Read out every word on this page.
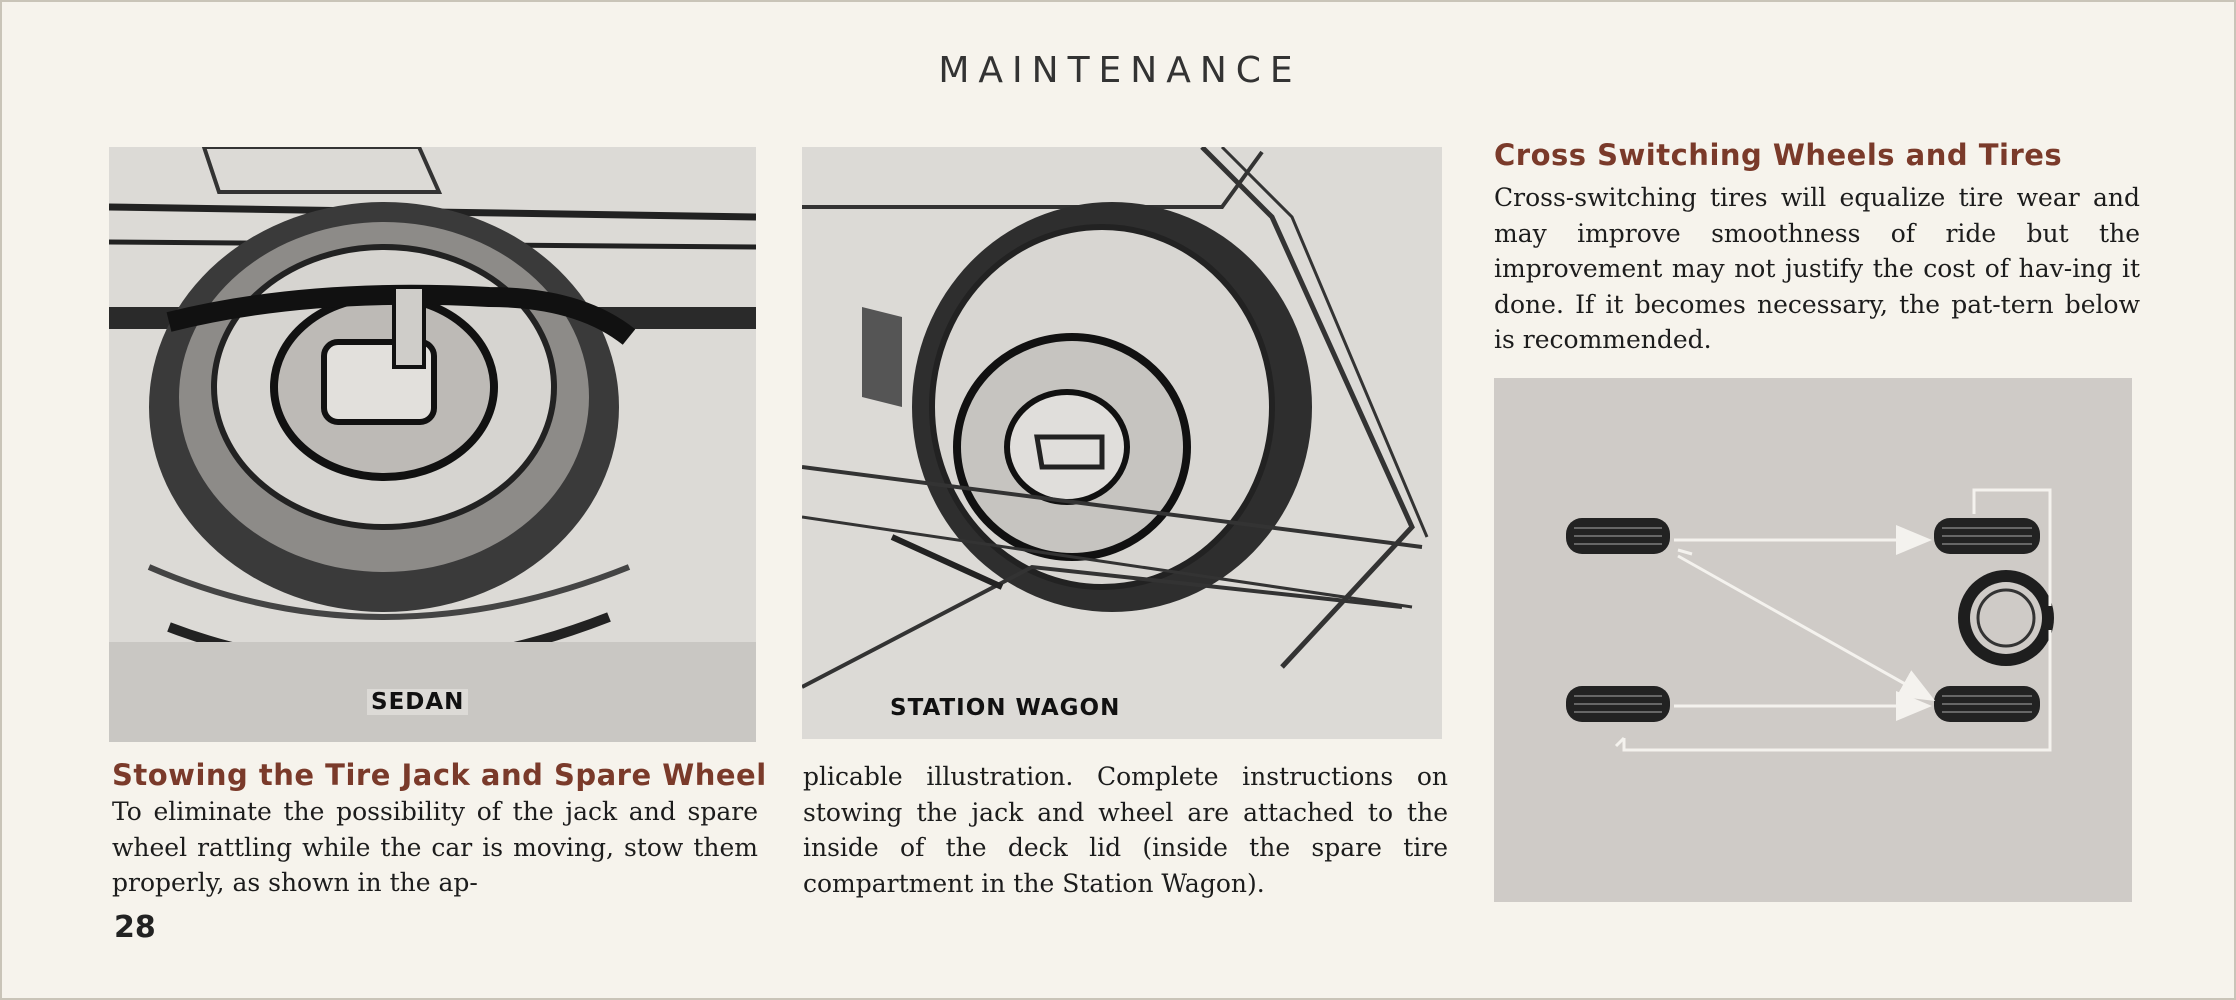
MAINTENANCE
SEDAN	STATION WAGON
Stowing the Tire Jack and Spare Wheel
To eliminate the possibility of the jack and spare wheel rattling while the car is moving, stow them properly, as shown in the ap-
plicable illustration. Complete instructions on stowing the jack and wheel are attached to the inside of the deck lid (inside the spare tire compartment in the Station Wagon).
28
Cross Switching Wheels and Tires
Cross-switching tires will equalize tire wear and may improve smoothness of ride but the improvement may not justify the cost of hav-ing it done. If it becomes necessary, the pat-tern below is recommended.
